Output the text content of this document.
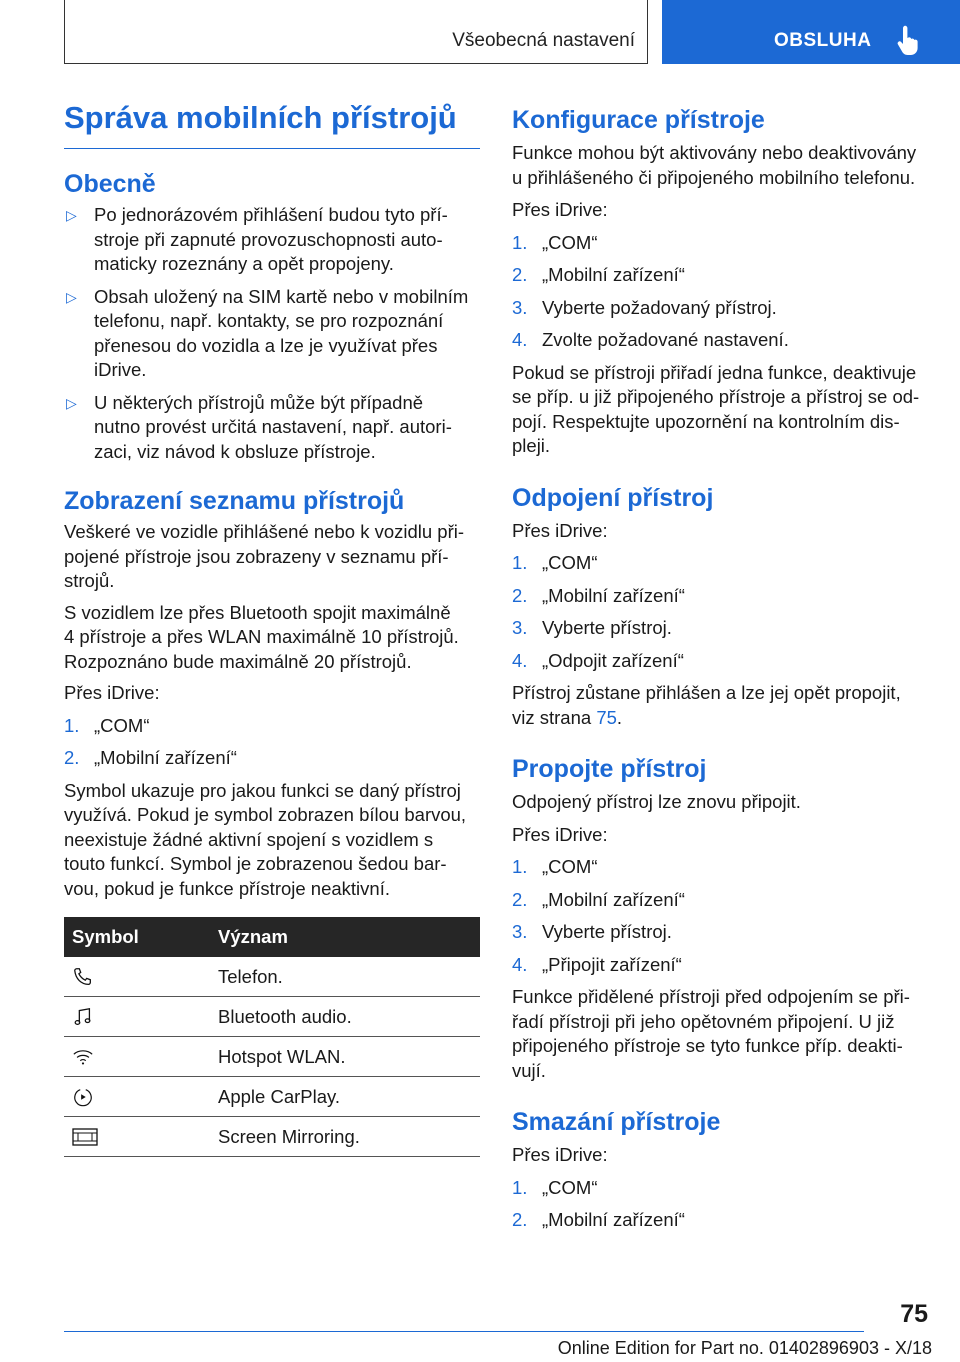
Všeobecná nastavení	OBSLUHA
Správa mobilních přístrojů
Obecně
▷ Po jednorázovém přihlášení budou tyto pří-
stroje při zapnuté provozuschopnosti auto-
maticky rozeznány a opět propojeny.
▷ Obsah uložený na SIM kartě nebo v mobilním
telefonu, např. kontakty, se pro rozpoznání
přenesou do vozidla a lze je využívat přes
iDrive.
▷ U některých přístrojů může být případně
nutno provést určitá nastavení, např. autori-
zaci, viz návod k obsluze přístroje.
Zobrazení seznamu přístrojů

Veškeré ve vozidle přihlášené nebo k vozidlu při-
pojené přístroje jsou zobrazeny v seznamu pří-
strojů.

S vozidlem lze přes Bluetooth spojit maximálně
4 přístroje a přes WLAN maximálně 10 přístrojů.
Rozpoznáno bude maximálně 20 přístrojů.

Přes iDrive:

1. „COM“
2. „Mobilní zařízení“

Symbol ukazuje pro jakou funkci se daný přístroj
využívá. Pokud je symbol zobrazen bílou barvou,
neexistuje žádné aktivní spojení s vozidlem s
touto funkcí. Symbol je zobrazenou šedou bar-
vou, pokud je funkce přístroje neaktivní.

Symbol	Význam

	Telefon.

	Bluetooth audio.

	Hotspot WLAN.

	Apple CarPlay.

	Screen Mirroring.
Konfigurace přístroje

Funkce mohou být aktivovány nebo deaktivovány
u přihlášeného či připojeného mobilního telefonu.

Přes iDrive:

1. „COM“
2. „Mobilní zařízení“
3. Vyberte požadovaný přístroj.
4. Zvolte požadované nastavení.

Pokud se přístroji přiřadí jedna funkce, deaktivuje
se příp. u již připojeného přístroje a přístroj se od-
pojí. Respektujte upozornění na kontrolním dis-
pleji.

Odpojení přístroj

Přes iDrive:

1. „COM“
2. „Mobilní zařízení“
3. Vyberte přístroj.
4. „Odpojit zařízení“

Přístroj zůstane přihlášen a lze jej opět propojit,
viz strana 75.

Propojte přístroj

Odpojený přístroj lze znovu připojit.

Přes iDrive:

1. „COM“
2. „Mobilní zařízení“
3. Vyberte přístroj.
4. „Připojit zařízení“

Funkce přidělené přístroji před odpojením se při-
řadí přístroji při jeho opětovném připojení. U již
připojeného přístroje se tyto funkce příp. deakti-
vují.

Smazání přístroje

Přes iDrive:

1. „COM“
2. „Mobilní zařízení“
75
Online Edition for Part no. 01402896903 - X/18
